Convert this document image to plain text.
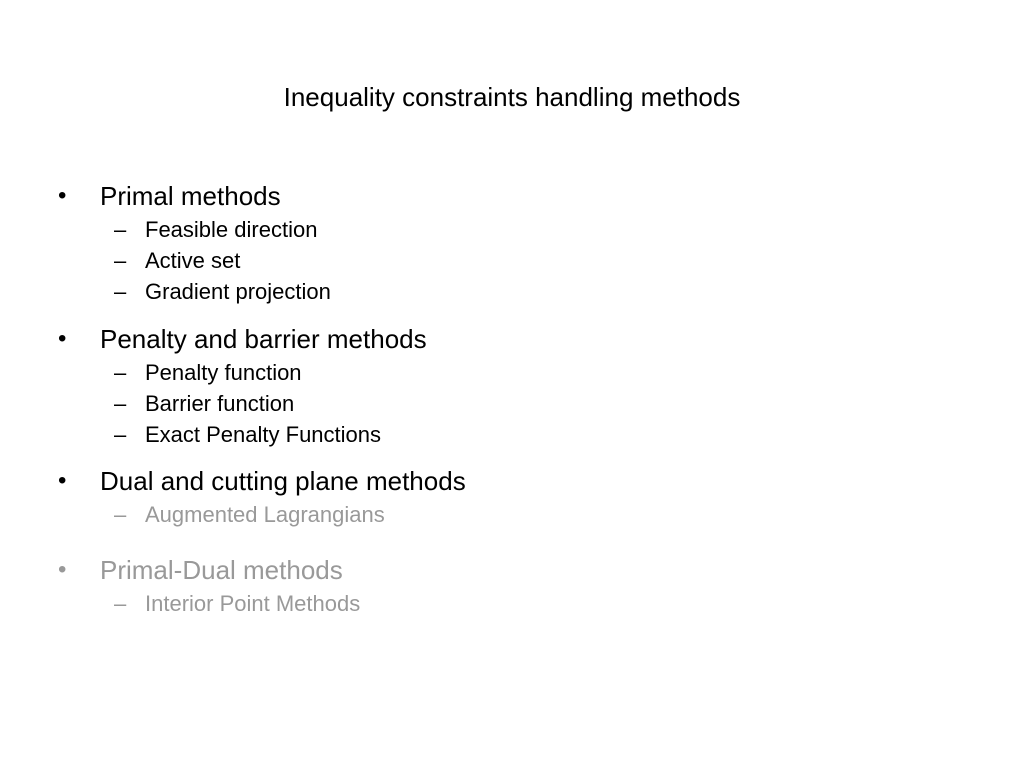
Inequality constraints handling methods
• Primal methods
– Feasible direction
– Active set
– Gradient projection
• Penalty and barrier methods
– Penalty function
– Barrier function
– Exact Penalty Functions
• Dual and cutting plane methods
– Augmented Lagrangians
• Primal-Dual methods
– Interior Point Methods
